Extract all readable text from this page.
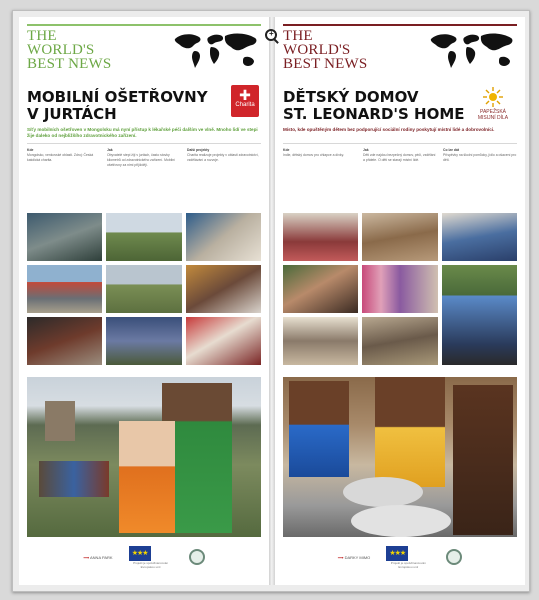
THE
WORLD'S
BEST NEWS
MOBILNÍ OŠETŘOVNY
V JURTÁCH
✚
Charita
Síťy mobilních ošetřoven v Mongolsku má nyní přístup k lékařské péči dalším ve vlně. Mnoho lidí ve stepi žije daleko od nejbližšího zdravotnického zařízení.
Kde
Mongolsko, venkovské oblasti. Zdroj: Česká katolická charita.
Jak
Obyvatelé stepi žijí v jurtách, často stovky kilometrů od zdravotnického zařízení. Mobilní ošetřovny za nimi přijíždějí.
Další projekty
Charita realizuje projekty v oblasti zdravotnictví, vzdělávání a rozvoje.
⟶ ANNA PARK
★★★
Projekt je spolufinancován Evropskou unií
THE
WORLD'S
BEST NEWS
DĚTSKÝ DOMOV
ST. LEONARD'S HOME	PAPEŽSKÁ MISIJNÍ DÍLA
Místo, kde opuštěným dětem bez podporující sociální rodiny poskytují místní lidé a dobrovolníci.
Kde
Indie, dětský domov pro chlapce a dívky.
Jak
Děti zde najdou bezpečný domov, péči, vzdělání a přátele. O děti se starají místní lidé.
Co lze dát
Příspěvky na školní pomůcky, jídlo a ošacení pro děti.
⟶ DARKY MIMO
★★★
Projekt je spolufinancován Evropskou unií
+
